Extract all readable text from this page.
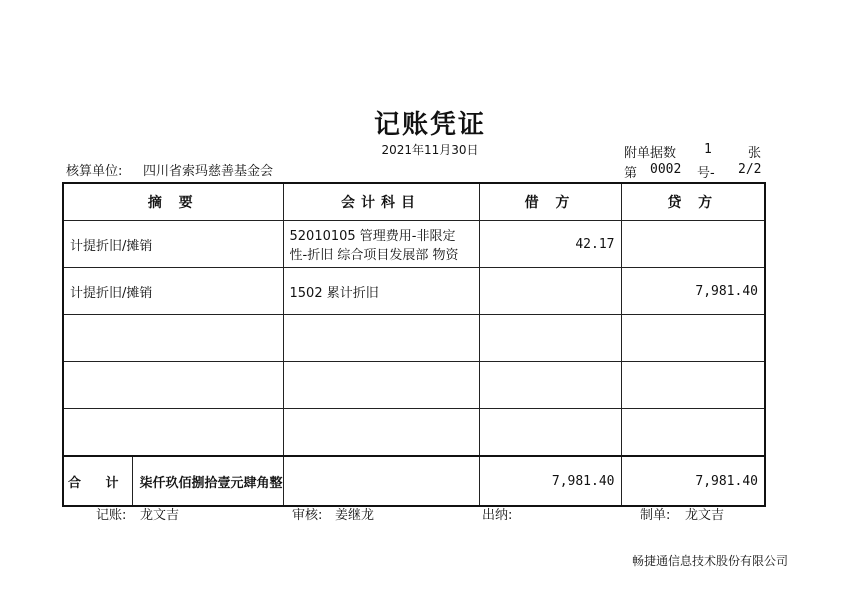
记账凭证
2021年11月30日	附单据数 1	张
核算单位: 四川省索玛慈善基金会	第 0002 号- 2/2
摘 要	会计科目	借 方	贷 方
计提折旧/摊销	52010105 管理费用-非限定性-折旧 综合项目发展部 物资	42.17	
计提折旧/摊销	1502 累计折旧		7,981.40

合 计 柒仟玖佰捌拾壹元肆角整		7,981.40	7,981.40
记账: 龙文吉	审核: 姜继龙	出纳:	制单: 龙文吉
畅捷通信息技术股份有限公司
